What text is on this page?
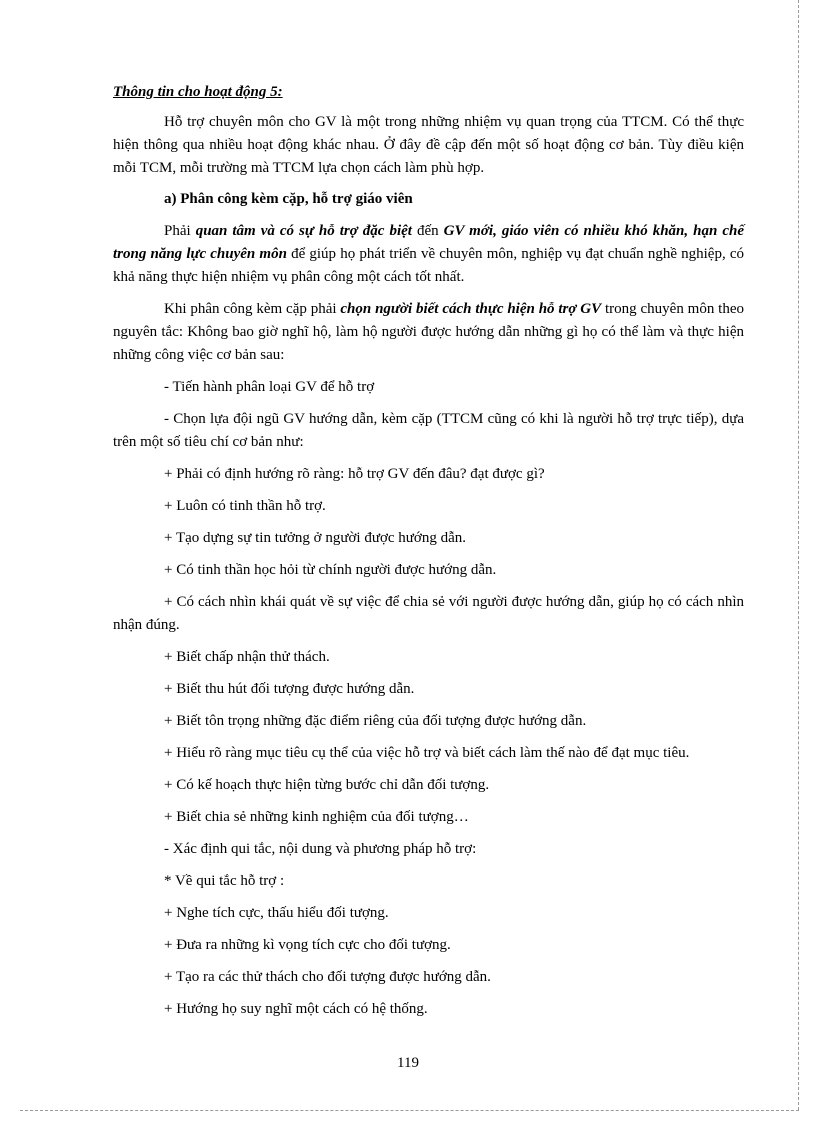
Thông tin cho hoạt động 5:

Hỗ trợ chuyên môn cho GV là một trong những nhiệm vụ quan trọng của TTCM. Có thể thực hiện thông qua nhiều hoạt động khác nhau. Ở đây đề cập đến một số hoạt động cơ bản. Tùy điều kiện mỗi TCM, mỗi trường mà TTCM lựa chọn cách làm phù hợp.

a) Phân công kèm cặp, hỗ trợ giáo viên

Phải quan tâm và có sự hỗ trợ đặc biệt đến GV mới, giáo viên có nhiều khó khăn, hạn chế trong năng lực chuyên môn để giúp họ phát triển về chuyên môn, nghiệp vụ đạt chuẩn nghề nghiệp, có khả năng thực hiện nhiệm vụ phân công một cách tốt nhất.

Khi phân công kèm cặp phải chọn người biết cách thực hiện hỗ trợ GV trong chuyên môn theo nguyên tắc: Không bao giờ nghĩ hộ, làm hộ người được hướng dẫn những gì họ có thể làm và thực hiện những công việc cơ bản sau:

- Tiến hành phân loại GV để hỗ trợ

- Chọn lựa đội ngũ GV hướng dẫn, kèm cặp (TTCM cũng có khi là người hỗ trợ trực tiếp), dựa trên một số tiêu chí cơ bản như:

+ Phải có định hướng rõ ràng: hỗ trợ GV đến đâu? đạt được gì?

+ Luôn có tinh thần hỗ trợ.

+ Tạo dựng sự tin tưởng ở người được hướng dẫn.

+ Có tinh thần học hỏi từ chính người được hướng dẫn.

+ Có cách nhìn khái quát về sự việc để chia sẻ với người được hướng dẫn, giúp họ có cách nhìn nhận đúng.

+ Biết chấp nhận thử thách.

+ Biết thu hút đối tượng được hướng dẫn.

+ Biết tôn trọng những đặc điểm riêng của đối tượng được hướng dẫn.

+ Hiểu rõ ràng mục tiêu cụ thể của việc hỗ trợ và biết cách làm thế nào để đạt mục tiêu.

+ Có kế hoạch thực hiện từng bước chỉ dẫn đối tượng.

+ Biết chia sẻ những kinh nghiệm của đối tượng…

- Xác định qui tắc, nội dung và phương pháp hỗ trợ:

* Về qui tắc hỗ trợ :

+ Nghe tích cực, thấu hiểu đối tượng.

+ Đưa ra những kì vọng tích cực cho đối tượng.

+ Tạo ra các thử thách cho đối tượng được hướng dẫn.

+ Hướng họ suy nghĩ một cách có hệ thống.

119
